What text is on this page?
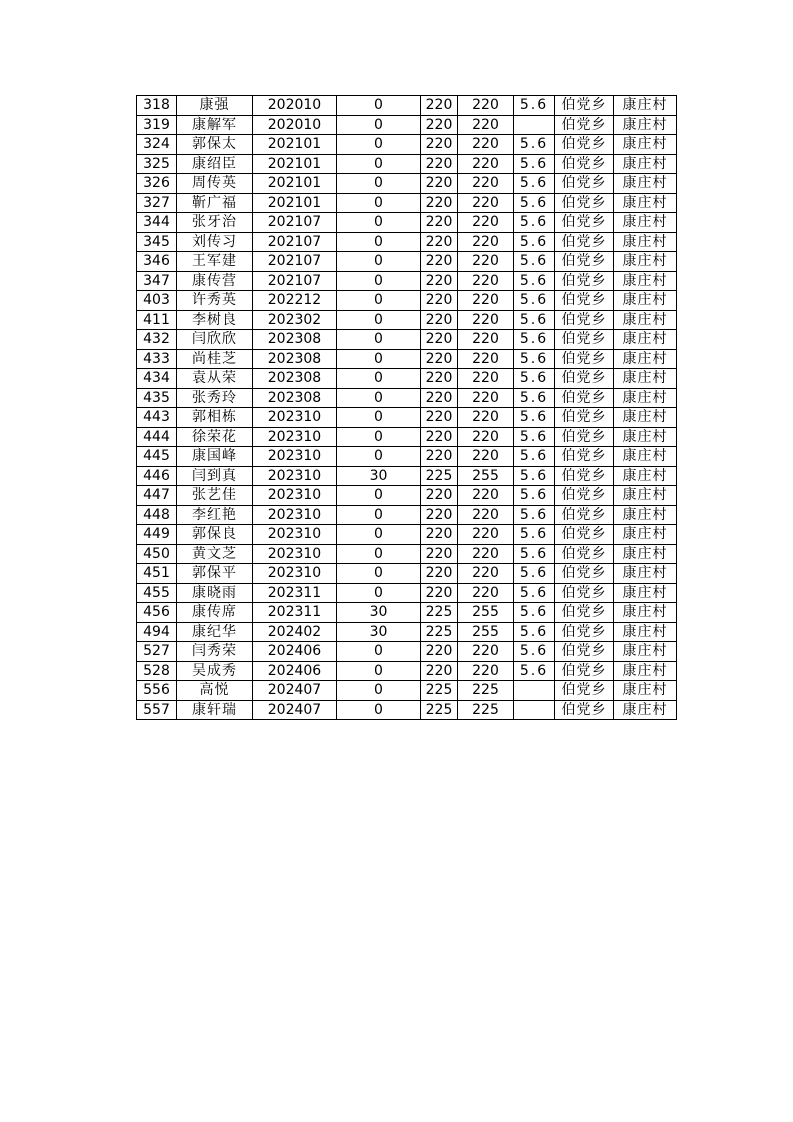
318	康强	202010	0	220	220	5.6	伯党乡	康庄村
319	康解军	202010	0	220	220		伯党乡	康庄村
324	郭保太	202101	0	220	220	5.6	伯党乡	康庄村
325	康绍臣	202101	0	220	220	5.6	伯党乡	康庄村
326	周传英	202101	0	220	220	5.6	伯党乡	康庄村
327	靳广福	202101	0	220	220	5.6	伯党乡	康庄村
344	张牙治	202107	0	220	220	5.6	伯党乡	康庄村
345	刘传习	202107	0	220	220	5.6	伯党乡	康庄村
346	王军建	202107	0	220	220	5.6	伯党乡	康庄村
347	康传营	202107	0	220	220	5.6	伯党乡	康庄村
403	许秀英	202212	0	220	220	5.6	伯党乡	康庄村
411	李树良	202302	0	220	220	5.6	伯党乡	康庄村
432	闫欣欣	202308	0	220	220	5.6	伯党乡	康庄村
433	尚桂芝	202308	0	220	220	5.6	伯党乡	康庄村
434	袁从荣	202308	0	220	220	5.6	伯党乡	康庄村
435	张秀玲	202308	0	220	220	5.6	伯党乡	康庄村
443	郭相栋	202310	0	220	220	5.6	伯党乡	康庄村
444	徐荣花	202310	0	220	220	5.6	伯党乡	康庄村
445	康国峰	202310	0	220	220	5.6	伯党乡	康庄村
446	闫到真	202310	30	225	255	5.6	伯党乡	康庄村
447	张艺佳	202310	0	220	220	5.6	伯党乡	康庄村
448	李红艳	202310	0	220	220	5.6	伯党乡	康庄村
449	郭保良	202310	0	220	220	5.6	伯党乡	康庄村
450	黄文芝	202310	0	220	220	5.6	伯党乡	康庄村
451	郭保平	202310	0	220	220	5.6	伯党乡	康庄村
455	康晓雨	202311	0	220	220	5.6	伯党乡	康庄村
456	康传席	202311	30	225	255	5.6	伯党乡	康庄村
494	康纪华	202402	30	225	255	5.6	伯党乡	康庄村
527	闫秀荣	202406	0	220	220	5.6	伯党乡	康庄村
528	吴成秀	202406	0	220	220	5.6	伯党乡	康庄村
556	高悦	202407	0	225	225		伯党乡	康庄村
557	康轩瑞	202407	0	225	225		伯党乡	康庄村
